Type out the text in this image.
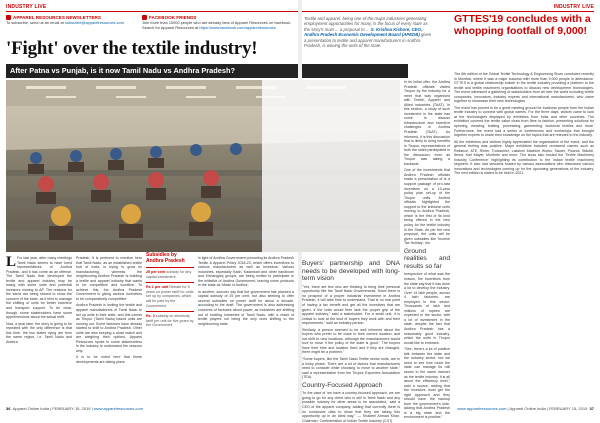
INDUSTRY LIVE
APPAREL RESOURCES NEWSLETTERS
To subscribe, send us an email at subscribe@apparelresources.com
FACEBOOK FRIENDS
Join more than 10000 people who are already fans of Apparel Resources on facebook. Search for Apparel Resources at https://www.facebook.com/apparelresources
'Fight' over the textile industry!
After Patna vs Punjab, is it now Tamil Nadu vs Andhra Pradesh?

L For last year, after many meetings Tamil Nadu seems to have lured representatives of Andhra Pradesh, and it has come as an offense. The Tamil Nadu that developed the textile and apparel industry may be losing with some units and potential investors moving to AP. The reasons for the same are being shared to show the concern of the state, as it tries to manage the shifting of units for better incentive and transport support. To be clear, though, some stakeholders have some apprehensions about the actual shift.

Now, a year later, the story is going to be repeated with the only difference is that this time, the two states vying are from the same region, i.e. Tamil Nadu and Andhra

Pradesh. It is pertinent to mention here that Tamil Nadu, as an established textile hub of India, is trying to grow its manufacturing, whereas the neighbouring Andhra Pradesh is building a textile and apparel industry that wants to be competitive and lucrative. To achieve this, the Andhra Pradesh Government is giving various incentives to be comparatively competitive.

Andhra Pradesh is inviting the textile and apparel manufacturers of Tamil Nadu to set up units in their state, and this comes as Tirupur (Tamil Nadu) based units are moving out. Some factories have already started to shift to Andhra Pradesh. Other units are also keeping a close watch and are weighing their options. Apparel Resources spoke to some stakeholders in the industry to understand the reasons why.

It is to be noted here that these developments are taking place

Subsidies by Andhra Pradesh
25 per cent subsidy for any capital investment
Rs 1 per unit Rebate for 5 years on power tariff for units set up by companies, which will be paid by the Government
Rs. 2 subsidy on electricity tariff per unit for five years by the Government

in light of Andhra Government promoting its Andhra Pradesh Textile & Apparel Policy 2018-23, which offers incentives to various manufacturers as well as investors. Various industries, especially Kadri, Kalamkari and other handloom and Kishanganj groups, are being invited to participate in the initiative of Andhra Government, leaving some products in the state as 'Made in Andhra'.

In another, sources say that the government has planned a capital subsidy of 25 per cent, but also seeking to offer several subsidies on power tariff for about a decade, according to the draft. The government is also addressing concerns of factories about power, as industries are shifting out of existing industries of Tamil Nadu, with a result of textile players not being the only ones shifting to the neighbouring state.

36 Apparel Online India | FEBRUARY 15, 2019 | www.apparelresources.com
INDUSTRY LIVE
Textile and apparel, being one of the major industries generating employment opportunities for many, is the focus of every state as the story's main ... a proposal to ... S. Krishna Kishore, CEO, Andhra Pradesh Economic Development Board (APEDB) given a presentation to textile and apparel manufacturers in Andhra Pradesh, is wooing the units of the state.
GTTES'19 concludes with a whopping footfall of 9,000!

In its initial offer, the Andhra Pradesh officials visited Tirupur by the industry for a meet that was organised with Textile, Apparel and Allied industries (TAAT). In this section, a study of such investment in the state has come to discuss Infrastructure and incentive challenges in Andhra Pradesh (TAAT). As informed, it is this discussion that is likely to bring benefits in Tirupur, representatives of both the sides participated in the discussion, even as Tirupur was taking a backseat.

One of the investments that Andhra Pradesh officials made a presentation of is a support package of pro-rata incentives on a 10-year policy plan set-up of the Tirupur units. Andhra officials highlighted the support to the knitwear units moving to Andhra Pradesh, which is the first of its kind being offered in the new policy for the textile industry in the State. As per the new proposal, the units will be given subsidies like 'Income Tax Holiday', etc.

Ground realities and results so far

Irrespective of what was the reason, the incentives from the state say that it has done a lot to develop the industry. Over 14 lakh people, across 4 lakh factories, are employed in this sector. Thousands of lakh and millions of rupees are expected in the sector, with a lot of investment in the state, despite the fact that Andhra Pradesh has a reasonably good industry, which the units in Tirupur would like to embrace.

"See, there's a lot of positive talk between the state and the industry sector, but we need to see how much the state can manage its mill sector in the same manner as the textile industry. It is all about the efficiency level," said a source, adding that the investors must get the right approach and they should have the backup from the government's side, adding that Andhra Pradesh is a big state and the environment is positive."

Buyers' partnership and DNA needs to be developed with long-term vision

"Yes, there are few who are thinking to bring their personal opportunity like the Tamil Nadu Governments. Since there is no prospect of a proper industrial investment in Andhra Pradesh, it will take time to understand. That is no real point of having a tax benefit and get all the incentives that are given, if the units would then lack the proper grip of the apparel industry," said a stakeholder. For a small unit, it is critical to look at the kind of buyers they work with and their requirements," said an industry person.

Similarly, a person seemed to be well informed about the buyers who prefer to be close to their current location, and not shift to new locations, although the manufacturers would love to move if the policy of the state is good." The buyers have their time and location fixed and if they are changed, there might be a problem."

"Some buyers, like the Tamil Nadu Textile sector units, are in a tricky phase. There are a lot of factors that manufacturers need to consider while choosing to move to another state," said a representative from the Tirupur Exporters Association (TEA).

Country-Focused Approach

"In the case of 'we have a country-focused approach, we are going to go for any client who is still in Tamil Nadu and any possible industry for other areas to be associated,' said a CEO of the apparel company, adding that currently there is no conclusive data to show that they are taking this opportunity up in an ideal way." — Shakeel Ahmad Khan, Chairman, Confederation of Indian Textile Industry (CITI)

The 6th edition of the Global Textile Technology & Engineering Show concluded recently in Mumbai, where it was a major success with more than 9,000 people in attendance. GTTES is a global relationship builder in the textile industry providing a platform to the textile and textile machinery organisations to discuss new development technologies. The event witnessed a gathering of stakeholders from all over the world including textile companies, innovators, industry experts and international manufacturers, who came together to showcase their new technologies.

The event has proved to be a great meeting ground for business people from the Indian textile industry to connect with global names. For the three days, visitors came to look at the technologies displayed by exhibitors from India and other countries. The exhibition covered the textile value chain from fibre to fashion, presenting solutions for spinning, weaving, knitting, processing, garmenting, technical textiles and more. Furthermore, the event had a series of conferences and workshops that brought together experts to share their knowledge on the topics that are relevant to the industry.

All the exhibitors and visitors highly appreciated the organisation of the event, and the general feeling was positive. Major exhibitors included renowned names such as Reliance, ATE, Rieter, Trutzschler, Lakshmi Machine Works, Saurer, Picanol, Stäubli, Itema, Karl Mayer, Monforts and more. The show also hosted the 'Textile Machinery Industry Conference' highlighting its contribution to the Indian textile machinery segment. It also had sessions hosted by various associations who discussed various innovations and technologies coming up for the upcoming generations of the industry. The next edition is slated to be held in 2021.

www.apparelresources.com | Apparel Online India | FEBRUARY 15, 2019 37
